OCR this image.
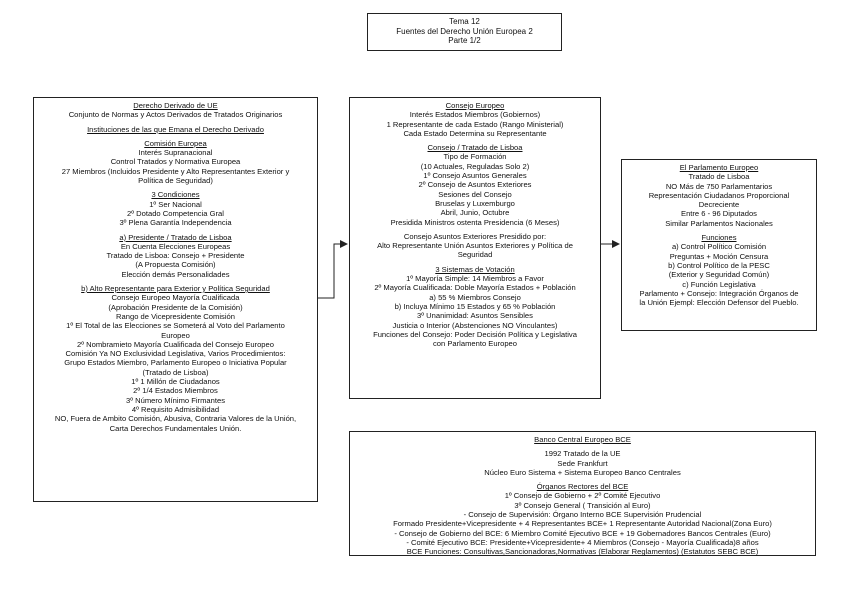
Tema 12
Fuentes del Derecho Unión Europea 2
Parte 1/2
Derecho Derivado de UE
Conjunto de Normas y Actos Derivados de Tratados Originarios
Instituciones de las que Emana el Derecho Derivado
Comisión Europea
Interés Supranacional
Control Tratados y Normativa Europea
27 Miembros (Incluidos Presidente y Alto Representantes Exterior y
Política de Seguridad)
3 Condiciones
1º Ser Nacional
2º Dotado Competencia Gral
3º Plena Garantía Independencia
a) Presidente / Tratado de Lisboa
En Cuenta Elecciones Europeas
Tratado de Lisboa: Consejo + Presidente
(A Propuesta Comisión)
Elección demás Personalidades
b) Alto Representante para Exterior y Política Seguridad
Consejo Europeo Mayoría Cualificada
(Aprobación Presidente de la Comisión)
Rango de Vicepresidente Comisión
1º El Total de las Elecciones se Someterá al Voto del Parlamento
Europeo
2º Nombramieto Mayoría Cualificada del Consejo Europeo
Comisión Ya NO Exclusividad Legislativa, Varios Procedimientos:
Grupo Estados Miembro, Parlamento Europeo o Iniciativa Popular
(Tratado de Lisboa)
1º 1 Millón de Ciudadanos
2º 1/4 Estados Miembros
3º Número Mínimo Firmantes
4º Requisito Admisibilidad
NO, Fuera de Ambito Comisión, Abusiva, Contraria Valores de la Unión,
Carta Derechos Fundamentales Unión.
Consejo Europeo
Interés Estados Miembros (Gobiernos)
1 Representante de cada Estado (Rango Ministerial)
Cada Estado Determina su Representante
Consejo / Tratado de Lisboa
Tipo de Formación
(10 Actuales, Reguladas Solo 2)
1º Consejo Asuntos Generales
2º Consejo de Asuntos Exteriores
Sesiones del Consejo
Bruselas y Luxemburgo
Abril, Junio, Octubre
Presidida Ministros ostenta Presidencia (6 Meses)
Consejo Asuntos Exteriores Presidido por:
Alto Representante Unión Asuntos Exteriores y Política de
Seguridad
3 Sistemas de Votación
1º Mayoría Simple: 14 Miembros a Favor
2º Mayoría Cualificada: Doble Mayoría Estados + Población
a) 55 % Miembros Consejo
b) Incluya Mínimo 15 Estados y 65 % Población
3º Unanimidad: Asuntos Sensibles
Justicia o Interior (Abstenciones NO Vinculantes)
Funciones del Consejo: Poder Decisión Política y Legislativa
con Parlamento Europeo
El Parlamento Europeo
Tratado de Lisboa
NO Más de 750 Parlamentarios
Representación Ciudadanos Proporcional
Decreciente
Entre 6 - 96 Diputados
Similar Parlamentos Nacionales
Funciones
a) Control Político Comisión
Preguntas + Moción Censura
b) Control Político de la PESC
(Exterior y Seguridad Común)
c) Función Legislativa
Parlamento + Consejo: Integración Órganos de
la Unión Ejempl: Elección Defensor del Pueblo.
Banco Central Europeo BCE
1992 Tratado de la UE
Sede Frankfurt
Núcleo Euro Sistema + Sistema Europeo Banco Centrales
Órganos Rectores del BCE
1º Consejo de Gobierno + 2º Comité Ejecutivo
3º Consejo General ( Transición al Euro)
- Consejo de Supervisión: Órgano Interno BCE Supervisión Prudencial
Formado Presidente+Vicepresidente + 4 Representantes BCE+ 1 Representante Autoridad Nacional(Zona Euro)
- Consejo de Gobierno del BCE: 6 Miembro Comité Ejecutivo BCE + 19 Gobernadores Bancos Centrales (Euro)
- Comité Ejecutivo BCE: Presidente+Vicepresidente+ 4 Miembros (Consejo - Mayoría Cualificada)8 años
BCE Funciones: Consultivas,Sancionadoras,Normativas (Elaborar Reglamentos) (Estatutos SEBC BCE)
